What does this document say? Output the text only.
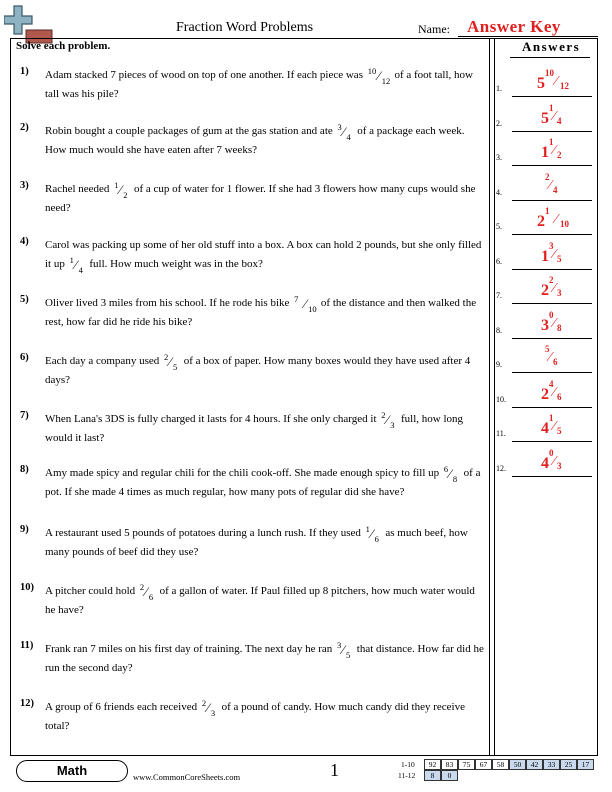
Fraction Word Problems	Name: Answer Key
Solve each problem.	Answers
1) Adam stacked 7 pieces of wood on top of one another. If each piece was 10 ⁄ 12
of a foot tall, how tall was his pile?
2) Robin bought a couple packages of gum at the gas station and ate 3 ⁄ 4
of a package each week. How much would she have eaten after 7 weeks?
3) Rachel needed 1 ⁄ 2
of a cup of water for 1 flower. If she had 3 flowers how many cups would she need?
4) Carol was packing up some of her old stuff into a box. A box can hold 2 pounds, but she only filled it up 1 ⁄ 4
full. How much weight was in the box?
5) Oliver lived 3 miles from his school. If he rode his bike 7 ⁄ 10
of the distance and then walked the rest, how far did he ride his bike?
6) Each day a company used 2 ⁄ 5
of a box of paper. How many boxes would they have used after 4 days?
7) When Lana's 3DS is fully charged it lasts for 4 hours. If she only charged it 2 ⁄ 3
full, how long would it last?
8) Amy made spicy and regular chili for the chili cook-off. She made enough spicy to fill up 6 ⁄ 8
of a pot. If she made 4 times as much regular, how many pots of regular did she have?
9) A restaurant used 5 pounds of potatoes during a lunch rush. If they used 1 ⁄ 6
as much beef, how many pounds of beef did they use?
10) A pitcher could hold 2 ⁄ 6
of a gallon of water. If Paul filled up 8 pitchers, how much water would he have?
11) Frank ran 7 miles on his first day of training. The next day he ran 3 ⁄ 5
that distance. How far did he run the second day?
12) A group of 6 friends each received 2 ⁄ 3
of a pound of candy. How much candy did they receive total?
1.	5
10
⁄ 12
2.	5
1
⁄ 4
3.	1
1
⁄ 2
4.
2
⁄ 4
5.	2
1
⁄ 10
6.	1
3
⁄ 5
7.	2
2
⁄ 3
8.	3
0
⁄ 8
9.
5
⁄ 6
10.	2
4
⁄ 6
11.	4
1
⁄ 5
12.	4
0
⁄ 3
Math	www.CommonCoreSheets.com	1	1-10	92	83	75	67	58	50	42	33	25	17
11-12	8	0
